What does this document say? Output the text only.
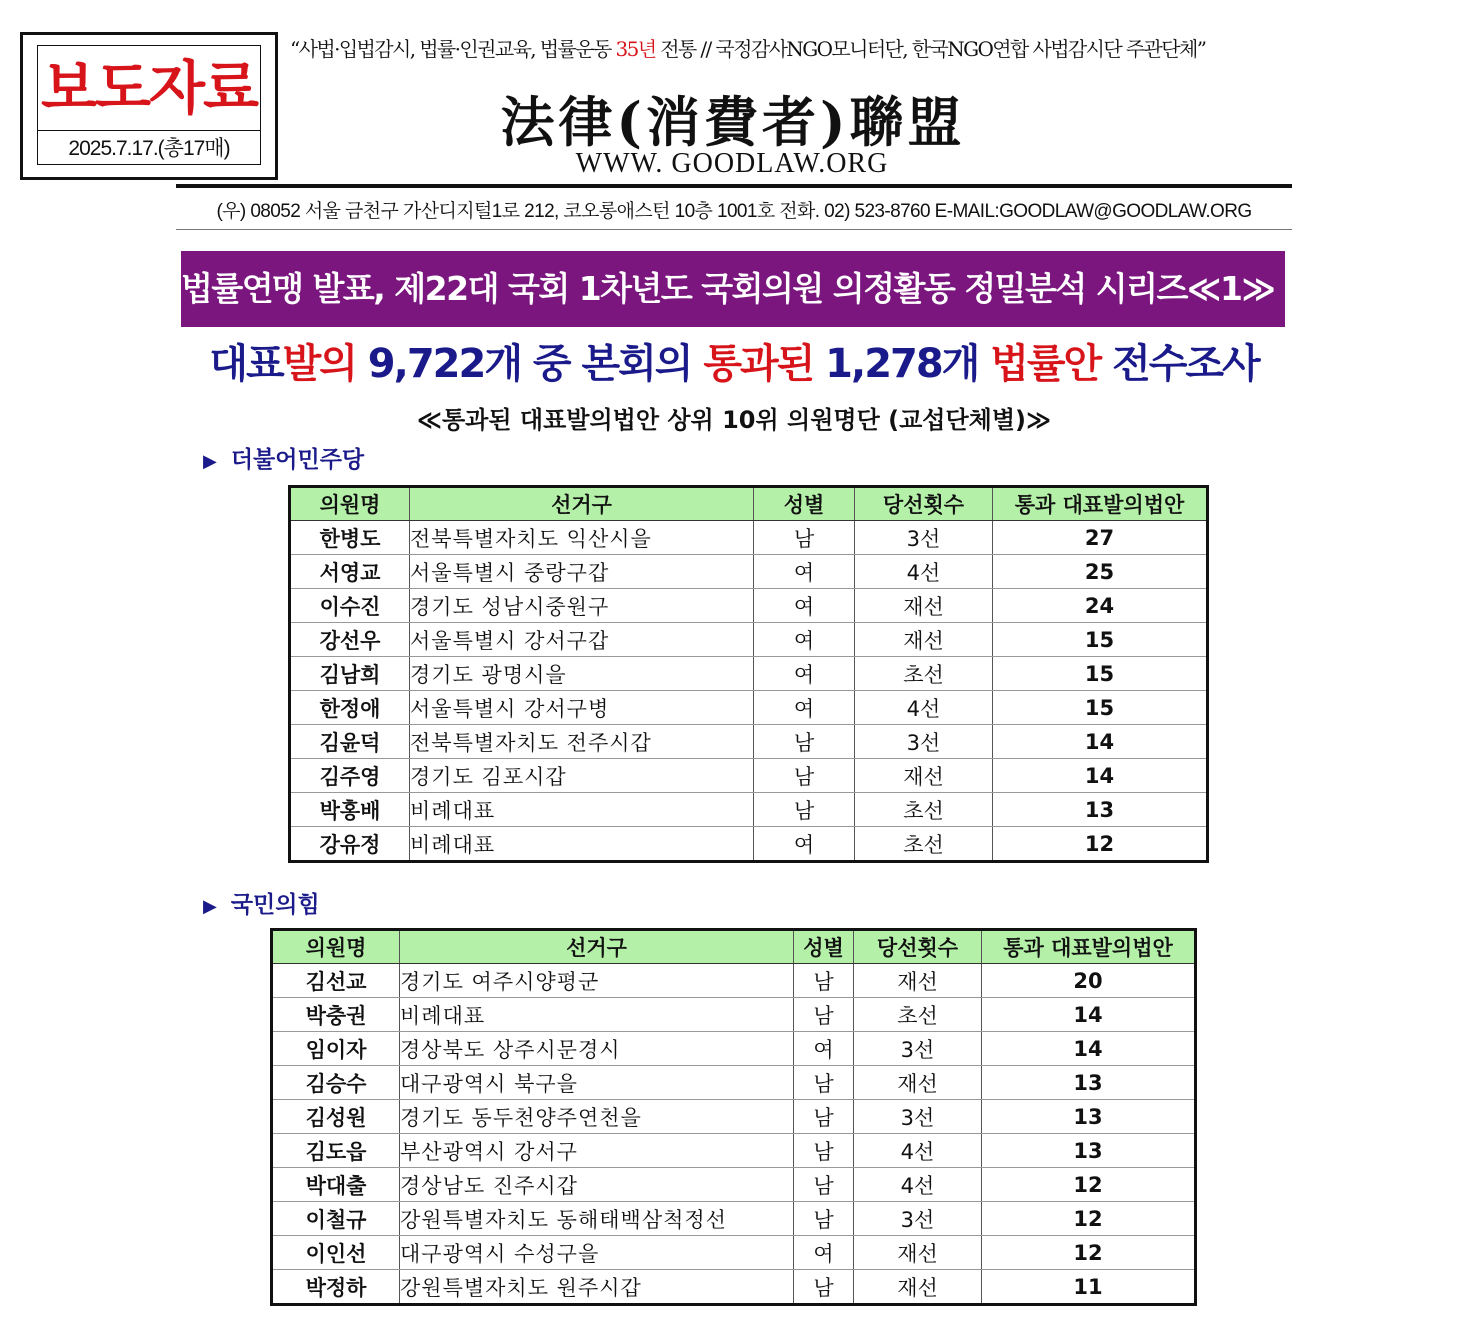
보도자료
2025.7.17.(총17매)
“사법·입법감시, 법률·인권교육, 법률운동 35년 전통 // 국정감사NGO모니터단, 한국NGO연합 사법감시단 주관단체”
法律(消費者)聯盟
WWW. GOODLAW.ORG
(우) 08052 서울 금천구 가산디지털1로 212, 코오롱애스턴 10층 1001호 전화. 02) 523-8760 E-MAIL:GOODLAW@GOODLAW.ORG
법률연맹 발표, 제22대 국회 1차년도 국회의원 의정활동 정밀분석 시리즈≪1≫ 입법성적
대표발의 9,722개 중 본회의 통과된 1,278개 법률안 전수조사
≪통과된 대표발의법안 상위 10위 의원명단 (교섭단체별)≫
▶ 더불어민주당
의원명	선거구	성별	당선횟수	통과 대표발의법안
한병도	전북특별자치도 익산시을	남	3선	27
서영교	서울특별시 중랑구갑	여	4선	25
이수진	경기도 성남시중원구	여	재선	24
강선우	서울특별시 강서구갑	여	재선	15
김남희	경기도 광명시을	여	초선	15
한정애	서울특별시 강서구병	여	4선	15
김윤덕	전북특별자치도 전주시갑	남	3선	14
김주영	경기도 김포시갑	남	재선	14
박홍배	비례대표	남	초선	13
강유정	비례대표	여	초선	12
▶ 국민의힘
의원명	선거구	성별	당선횟수	통과 대표발의법안
김선교	경기도 여주시양평군	남	재선	20
박충권	비례대표	남	초선	14
임이자	경상북도 상주시문경시	여	3선	14
김승수	대구광역시 북구을	남	재선	13
김성원	경기도 동두천양주연천을	남	3선	13
김도읍	부산광역시 강서구	남	4선	13
박대출	경상남도 진주시갑	남	4선	12
이철규	강원특별자치도 동해태백삼척정선	남	3선	12
이인선	대구광역시 수성구을	여	재선	12
박정하	강원특별자치도 원주시갑	남	재선	11
